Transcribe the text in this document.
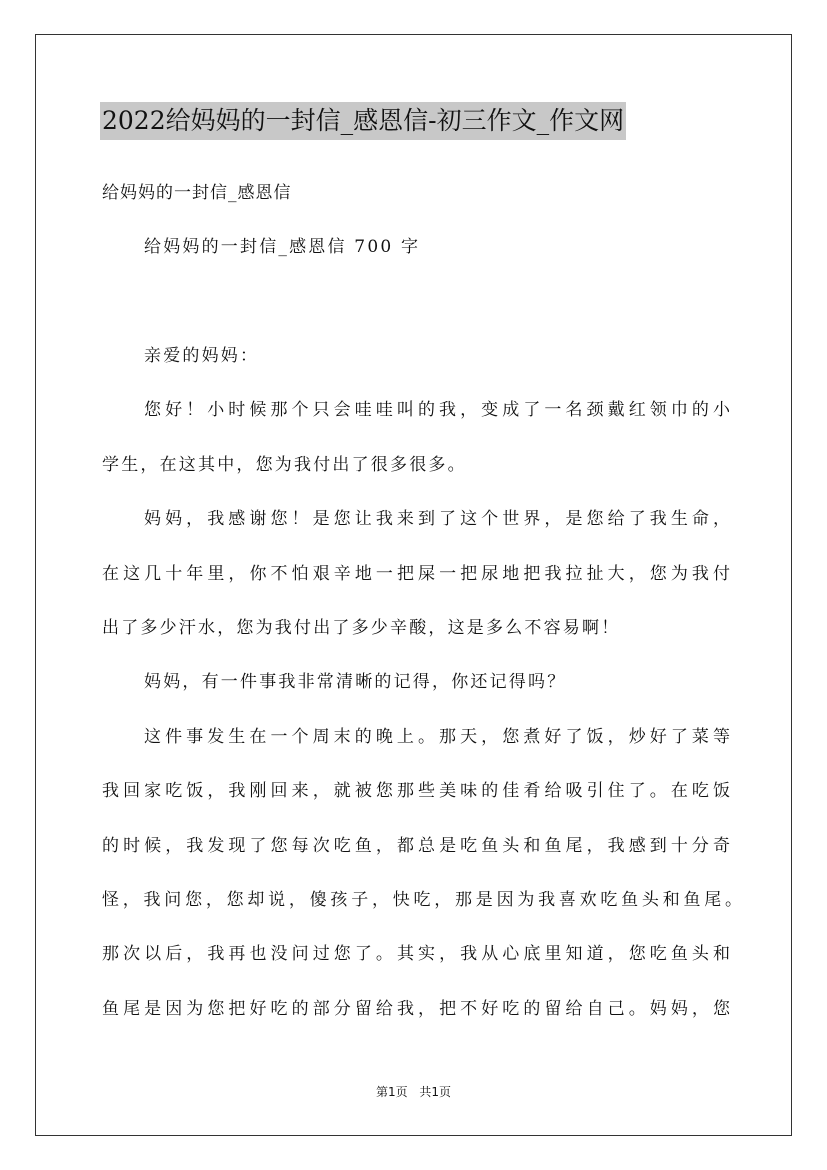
2022给妈妈的一封信_感恩信-初三作文_作文网
给妈妈的一封信_感恩信
给妈妈的一封信_感恩信 700 字
亲爱的妈妈：
您好！小时候那个只会哇哇叫的我，变成了一名颈戴红领巾的小
学生，在这其中，您为我付出了很多很多。
妈妈，我感谢您！是您让我来到了这个世界，是您给了我生命，
在这几十年里，你不怕艰辛地一把屎一把尿地把我拉扯大，您为我付
出了多少汗水，您为我付出了多少辛酸，这是多么不容易啊！
妈妈，有一件事我非常清晰的记得，你还记得吗？
这件事发生在一个周末的晚上。那天，您煮好了饭，炒好了菜等
我回家吃饭，我刚回来，就被您那些美味的佳肴给吸引住了。在吃饭
的时候，我发现了您每次吃鱼，都总是吃鱼头和鱼尾，我感到十分奇
怪，我问您，您却说，傻孩子，快吃，那是因为我喜欢吃鱼头和鱼尾。
那次以后，我再也没问过您了。其实，我从心底里知道，您吃鱼头和
鱼尾是因为您把好吃的部分留给我，把不好吃的留给自己。妈妈，您
第1页 共1页
